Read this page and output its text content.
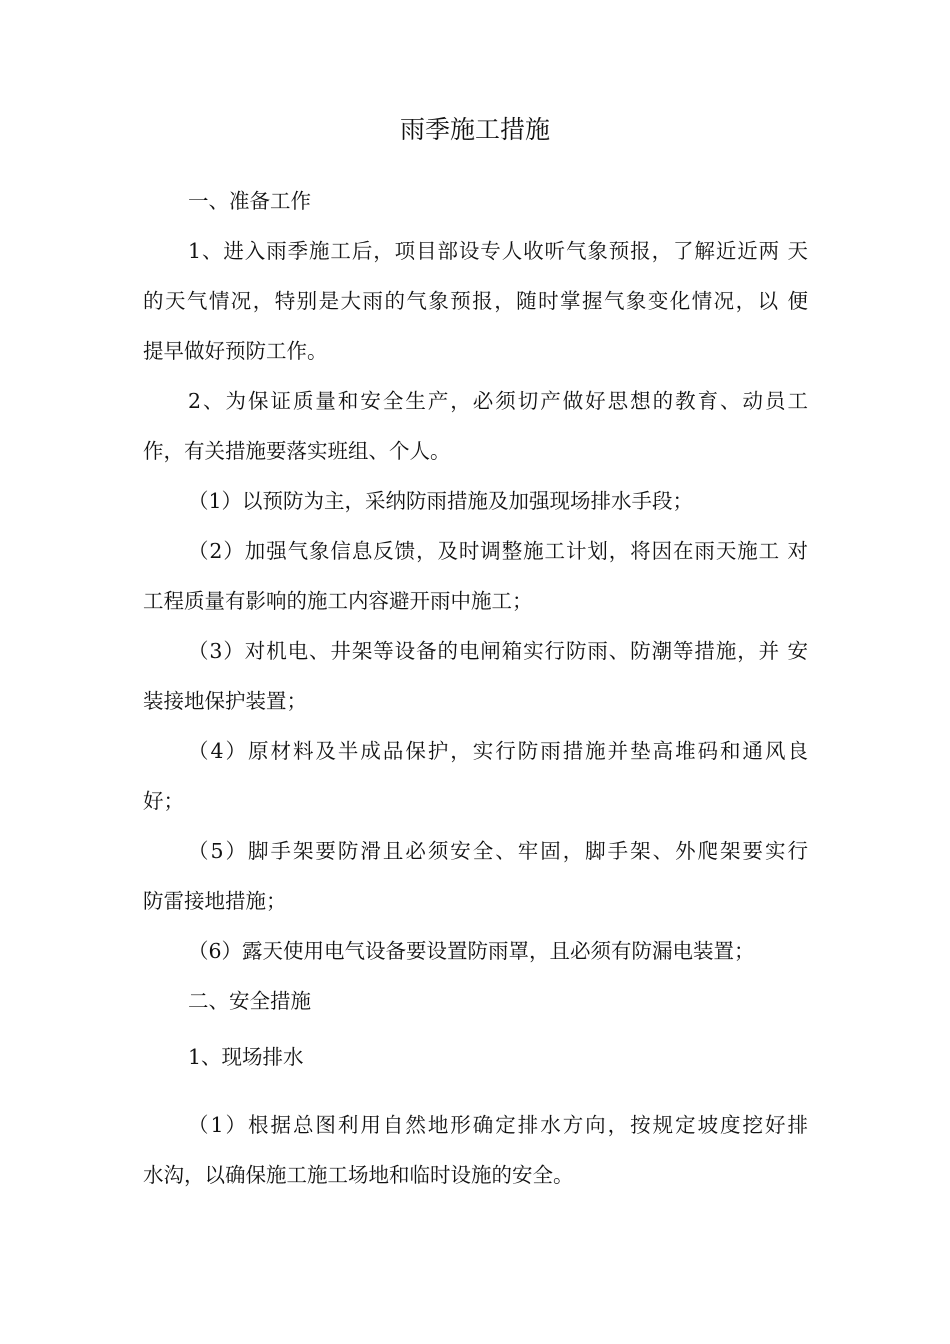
雨季施工措施
一、准备工作
1、进入雨季施工后，项目部设专人收听气象预报，了解近近两 天
的天气情况，特别是大雨的气象预报，随时掌握气象变化情况，以 便
提早做好预防工作。
2、为保证质量和安全生产，必须切产做好思想的教育、动员工
作，有关措施要落实班组、个人。
（1）以预防为主，采纳防雨措施及加强现场排水手段；
（2）加强气象信息反馈，及时调整施工计划，将因在雨天施工 对
工程质量有影响的施工内容避开雨中施工；
（3）对机电、井架等设备的电闸箱实行防雨、防潮等措施，并 安
装接地保护装置；
（4）原材料及半成品保护，实行防雨措施并垫高堆码和通风良
好；
（5）脚手架要防滑且必须安全、牢固，脚手架、外爬架要实行
防雷接地措施；
（6）露天使用电气设备要设置防雨罩，且必须有防漏电装置；
二、安全措施
1、现场排水
（1）根据总图利用自然地形确定排水方向，按规定坡度挖好排
水沟，以确保施工施工场地和临时设施的安全。
